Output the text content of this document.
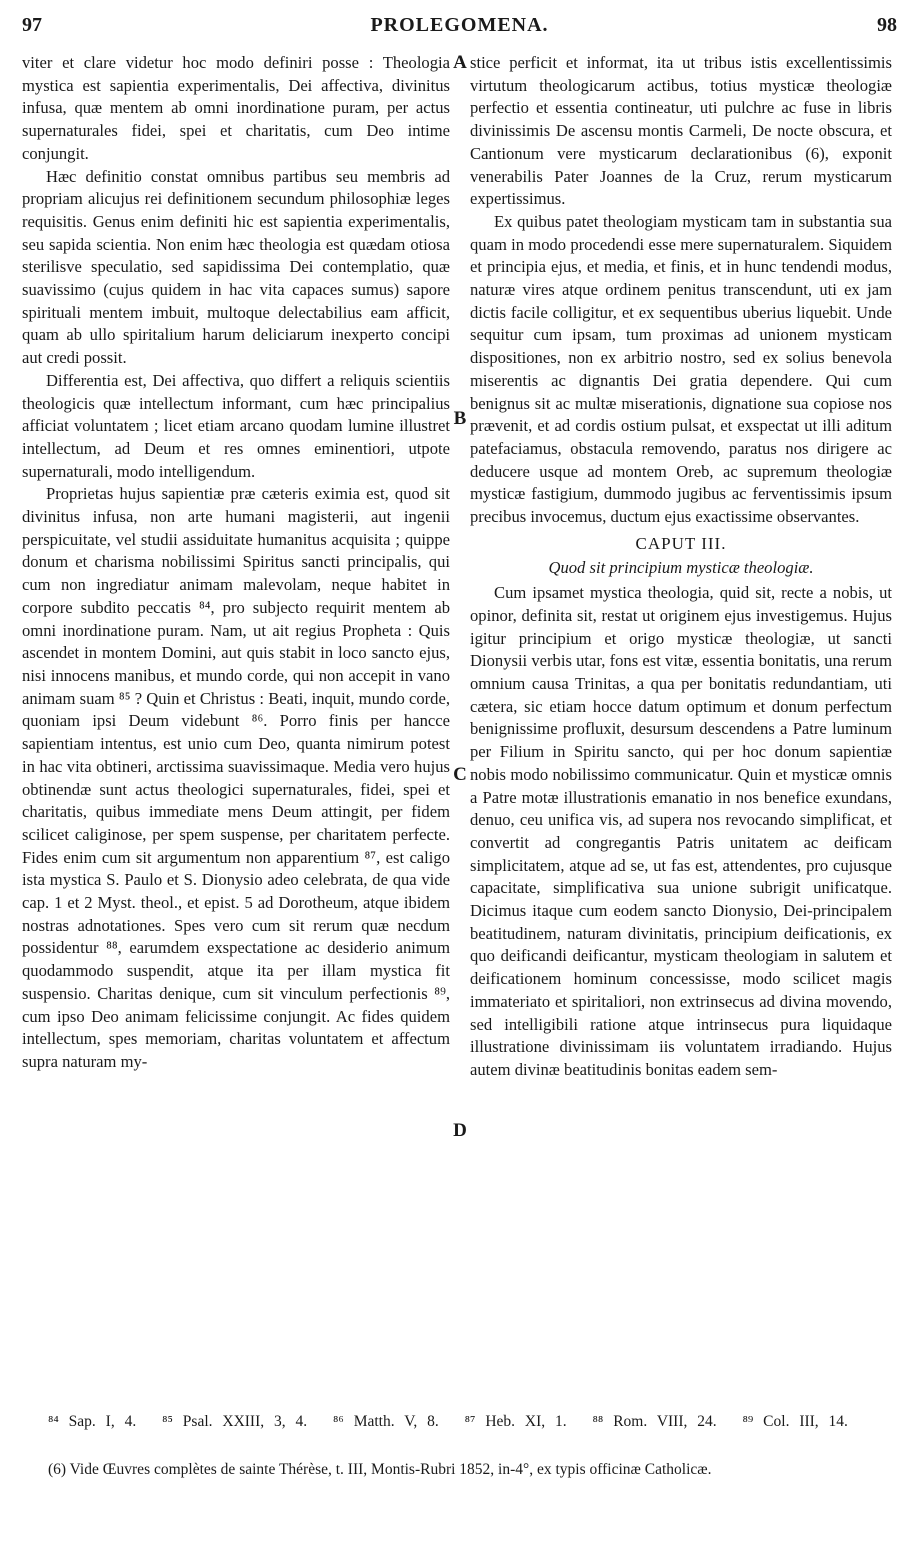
97	PROLEGOMENA.	98

viter et clare videtur hoc modo definiri posse : Theologia mystica est sapientia experimentalis, Dei affectiva, divinitus infusa, quæ mentem ab omni inordinatione puram, per actus supernaturales fidei, spei et charitatis, cum Deo intime conjungit.

Hæc definitio constat omnibus partibus seu membris ad propriam alicujus rei definitionem secundum philosophiæ leges requisitis. Genus enim definiti hic est sapientia experimentalis, seu sapida scientia. Non enim hæc theologia est quædam otiosa sterilisve speculatio, sed sapidissima Dei contemplatio, quæ suavissimo (cujus quidem in hac vita capaces sumus) sapore spirituali mentem imbuit, multoque delectabilius eam afficit, quam ab ullo spiritalium harum deliciarum inexperto concipi aut credi possit.

Differentia est, Dei affectiva, quo differt a reliquis scientiis theologicis quæ intellectum informant, cum hæc principalius afficiat voluntatem ; licet etiam arcano quodam lumine illustret intellectum, ad Deum et res omnes eminentiori, utpote supernaturali, modo intelligendum.

Proprietas hujus sapientiæ præ cæteris eximia est, quod sit divinitus infusa, non arte humani magisterii, aut ingenii perspicuitate, vel studii assiduitate humanitus acquisita ; quippe donum et charisma nobilissimi Spiritus sancti principalis, qui cum non ingrediatur animam malevolam, neque habitet in corpore subdito peccatis ⁸⁴, pro subjecto requirit mentem ab omni inordinatione puram. Nam, ut ait regius Propheta : Quis ascendet in montem Domini, aut quis stabit in loco sancto ejus, nisi innocens manibus, et mundo corde, qui non accepit in vano animam suam ⁸⁵ ? Quin et Christus : Beati, inquit, mundo corde, quoniam ipsi Deum videbunt ⁸⁶. Porro finis per hancce sapientiam intentus, est unio cum Deo, quanta nimirum potest in hac vita obtineri, arctissima suavissimaque. Media vero hujus obtinendæ sunt actus theologici supernaturales, fidei, spei et charitatis, quibus immediate mens Deum attingit, per fidem scilicet caliginose, per spem suspense, per charitatem perfecte. Fides enim cum sit argumentum non apparentium ⁸⁷, est caligo ista mystica S. Paulo et S. Dionysio adeo celebrata, de qua vide cap. 1 et 2 Myst. theol., et epist. 5 ad Dorotheum, atque ibidem nostras adnotationes. Spes vero cum sit rerum quæ necdum possidentur ⁸⁸, earumdem exspectatione ac desiderio animum quodammodo suspendit, atque ita per illam mystica fit suspensio. Charitas denique, cum sit vinculum perfectionis ⁸⁹, cum ipso Deo animam felicissime conjungit. Ac fides quidem intellectum, spes memoriam, charitas voluntatem et affectum supra naturam my-

A
B
C
D

stice perficit et informat, ita ut tribus istis excellentissimis virtutum theologicarum actibus, totius mysticæ theologiæ perfectio et essentia contineatur, uti pulchre ac fuse in libris divinissimis De ascensu montis Carmeli, De nocte obscura, et Cantionum vere mysticarum declarationibus (6), exponit venerabilis Pater Joannes de la Cruz, rerum mysticarum expertissimus.

Ex quibus patet theologiam mysticam tam in substantia sua quam in modo procedendi esse mere supernaturalem. Siquidem et principia ejus, et media, et finis, et in hunc tendendi modus, naturæ vires atque ordinem penitus transcendunt, uti ex jam dictis facile colligitur, et ex sequentibus uberius liquebit. Unde sequitur cum ipsam, tum proximas ad unionem mysticam dispositiones, non ex arbitrio nostro, sed ex solius benevola miserentis ac dignantis Dei gratia dependere. Qui cum benignus sit ac multæ miserationis, dignatione sua copiose nos prævenit, et ad cordis ostium pulsat, et exspectat ut illi aditum patefaciamus, obstacula removendo, paratus nos dirigere ac deducere usque ad montem Oreb, ac supremum theologiæ mysticæ fastigium, dummodo jugibus ac ferventissimis ipsum precibus invocemus, ductum ejus exactissime observantes.

CAPUT III.
Quod sit principium mysticæ theologiæ.

Cum ipsamet mystica theologia, quid sit, recte a nobis, ut opinor, definita sit, restat ut originem ejus investigemus. Hujus igitur principium et origo mysticæ theologiæ, ut sancti Dionysii verbis utar, fons est vitæ, essentia bonitatis, una rerum omnium causa Trinitas, a qua per bonitatis redundantiam, uti cætera, sic etiam hocce datum optimum et donum perfectum benignissime profluxit, desursum descendens a Patre luminum per Filium in Spiritu sancto, qui per hoc donum sapientiæ nobis modo nobilissimo communicatur. Quin et mysticæ omnis a Patre motæ illustrationis emanatio in nos benefice exundans, denuo, ceu unifica vis, ad supera nos revocando simplificat, et convertit ad congregantis Patris unitatem ac deificam simplicitatem, atque ad se, ut fas est, attendentes, pro cujusque capacitate, simplificativa sua unione subrigit unificatque. Dicimus itaque cum eodem sancto Dionysio, Dei-principalem beatitudinem, naturam divinitatis, principium deificationis, ex quo deificandi deificantur, mysticam theologiam in salutem et deificationem hominum concessisse, modo scilicet magis immateriato et spiritaliori, non extrinsecus ad divina movendo, sed intelligibili ratione atque intrinsecus pura liquidaque illustratione divinissimam iis voluntatem irradiando. Hujus autem divinæ beatitudinis bonitas eadem sem-

⁸⁴ Sap. I, 4. ⁸⁵ Psal. XXIII, 3, 4. ⁸⁶ Matth. V, 8. ⁸⁷ Heb. XI, 1. ⁸⁸ Rom. VIII, 24. ⁸⁹ Col. III, 14.
(6) Vide Œuvres complètes de sainte Thérèse, t. III, Montis-Rubri 1852, in-4°, ex typis officinæ Catholicæ.
